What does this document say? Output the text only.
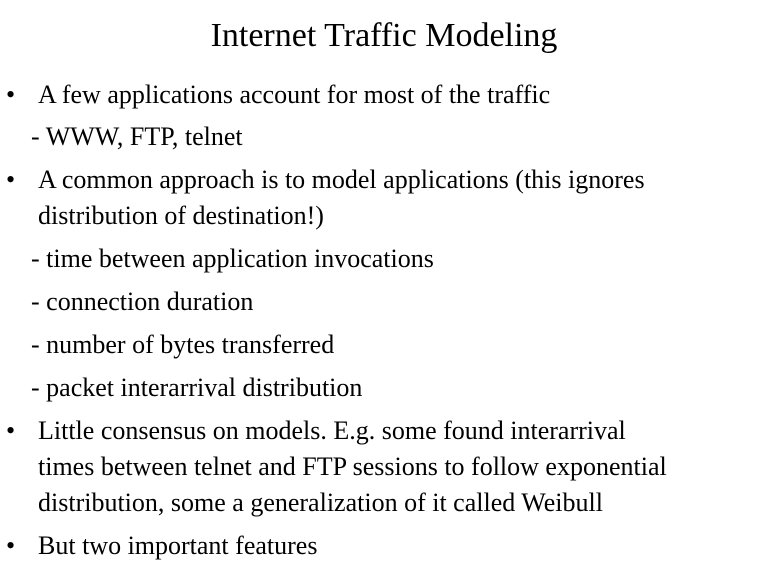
Internet Traffic Modeling
• A few applications account for most of the traffic
- WWW, FTP, telnet
• A common approach is to model applications (this ignores
distribution of destination!)
- time between application invocations
- connection duration
- number of bytes transferred
- packet interarrival distribution
• Little consensus on models. E.g. some found interarrival
times between telnet and FTP sessions to follow exponential
distribution, some a generalization of it called Weibull
• But two important features
